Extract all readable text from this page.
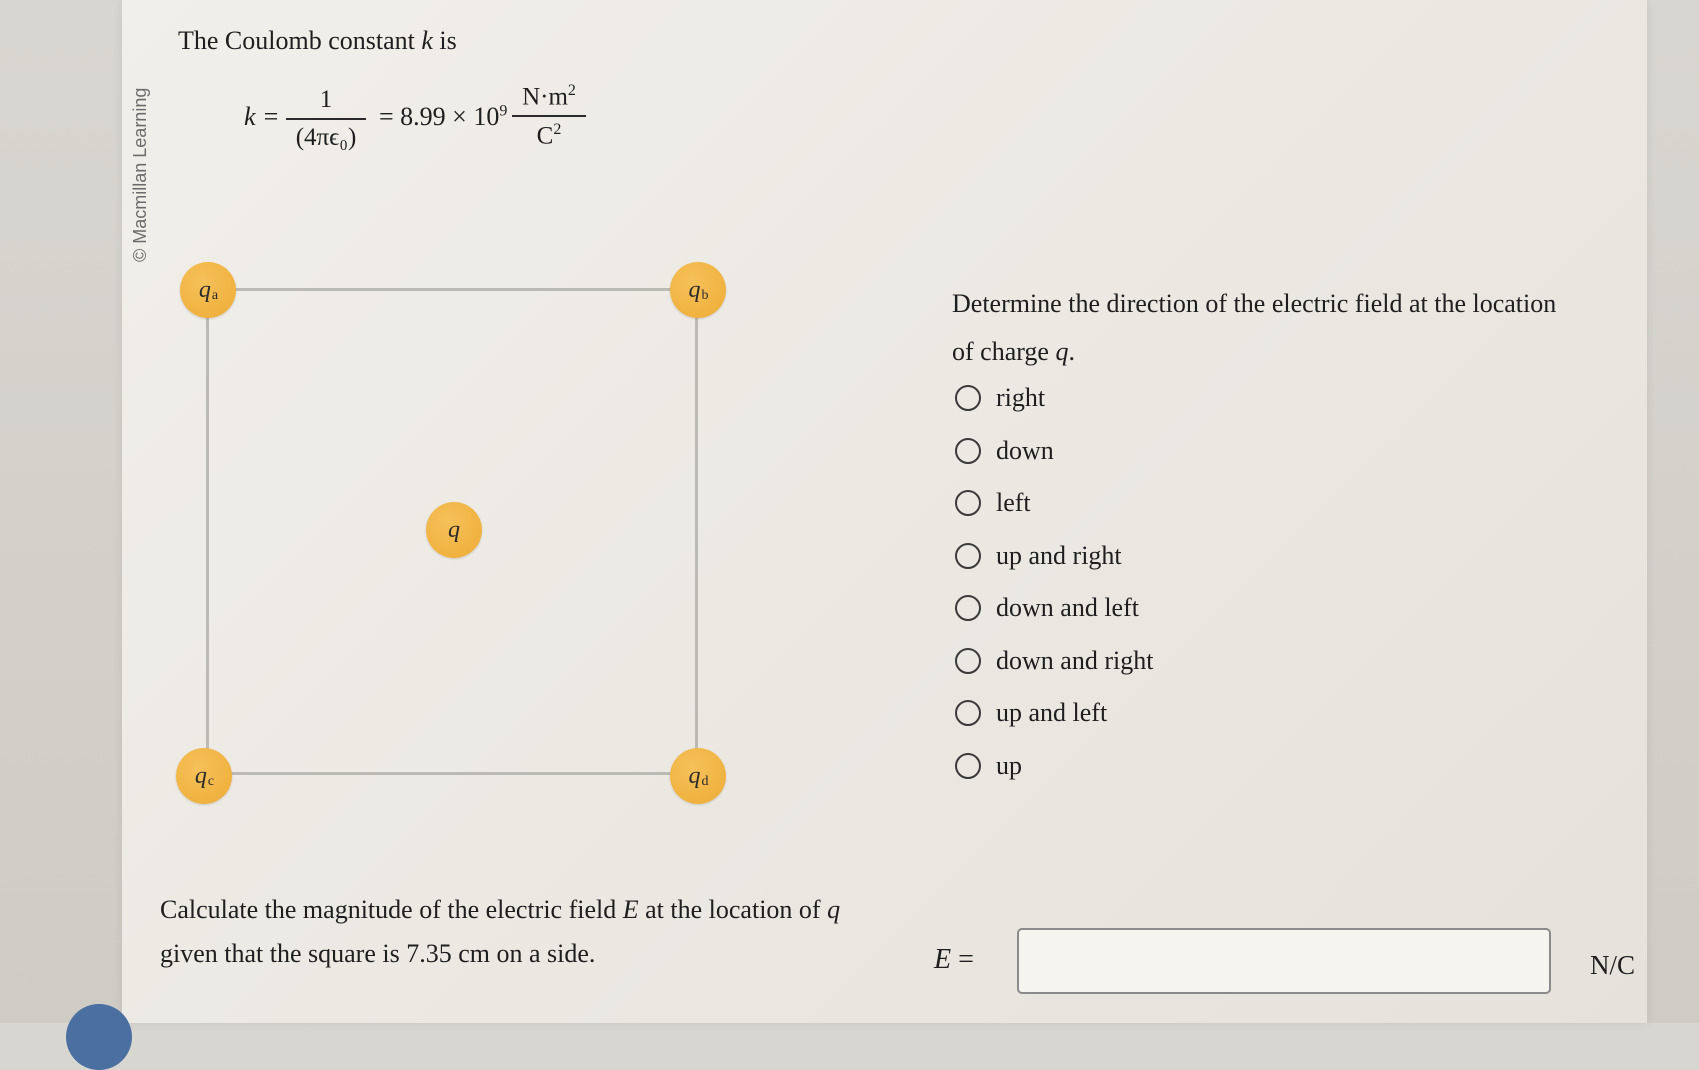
© Macmillan Learning
The Coulomb constant k is
k =
1
(4πϵ₀)
= $8.99 \times 10^9$
$N\cdot m^2$
$C^2$
$q_a$	$q_b$
$q_c$	$q_d$
q
Determine the direction of the electric field at the location of charge q.
right
down
left
up and right
down and left
down and right
up and left
up
Calculate the magnitude of the electric field E at the location of q given that the square is 7.35 cm on a side.	E =	N/C
